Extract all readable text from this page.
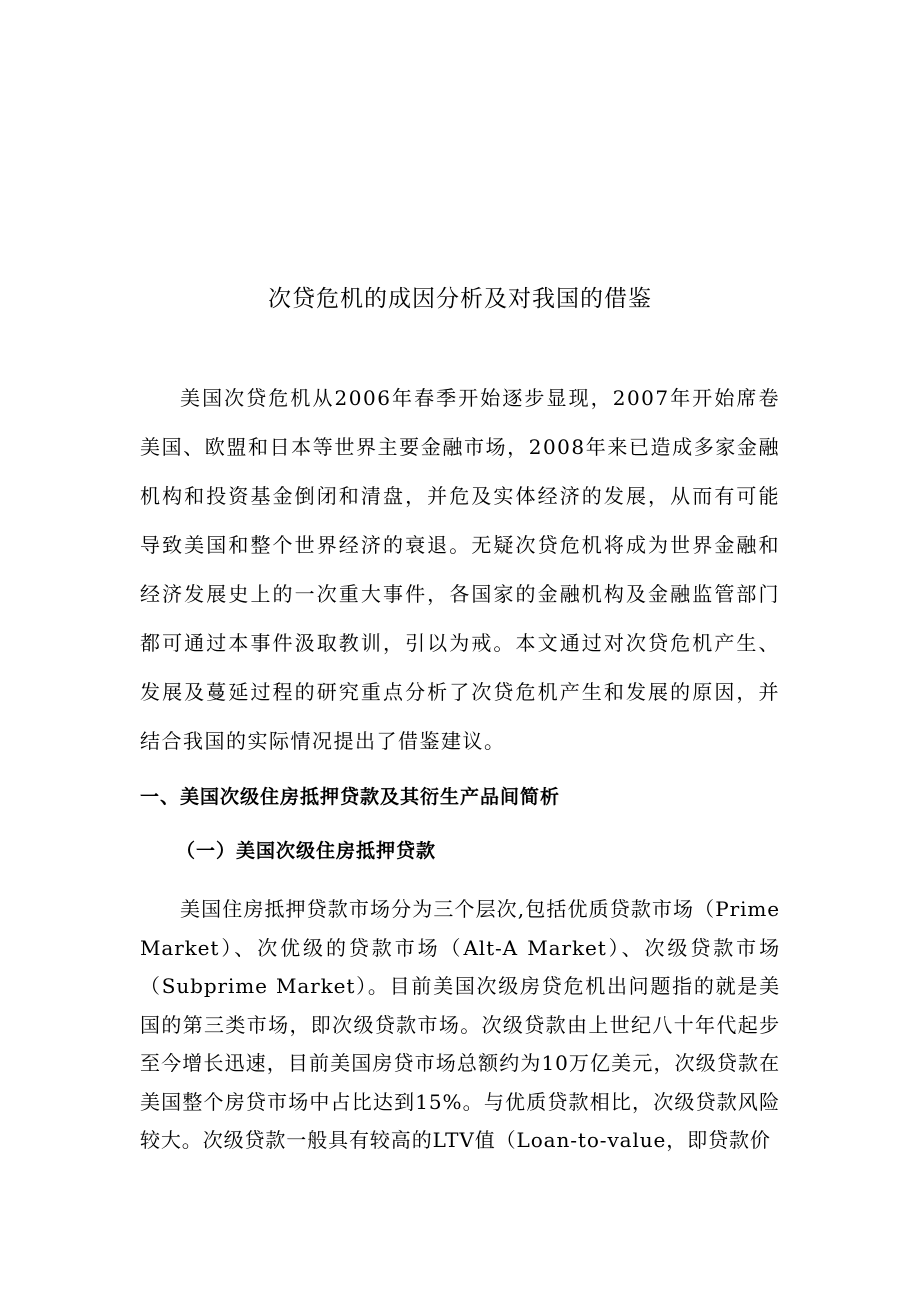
次贷危机的成因分析及对我国的借鉴

美国次贷危机从2006年春季开始逐步显现，2007年开始席卷美国、欧盟和日本等世界主要金融市场，2008年来已造成多家金融机构和投资基金倒闭和清盘，并危及实体经济的发展，从而有可能导致美国和整个世界经济的衰退。无疑次贷危机将成为世界金融和经济发展史上的一次重大事件，各国家的金融机构及金融监管部门都可通过本事件汲取教训，引以为戒。本文通过对次贷危机产生、发展及蔓延过程的研究重点分析了次贷危机产生和发展的原因，并结合我国的实际情况提出了借鉴建议。

一、美国次级住房抵押贷款及其衍生产品间简析
（一）美国次级住房抵押贷款

美国住房抵押贷款市场分为三个层次,包括优质贷款市场（Prime Market）、次优级的贷款市场（Alt-A Market）、次级贷款市场（Subprime Market）。目前美国次级房贷危机出问题指的就是美国的第三类市场，即次级贷款市场。次级贷款由上世纪八十年代起步至今增长迅速，目前美国房贷市场总额约为10万亿美元，次级贷款在美国整个房贷市场中占比达到15%。与优质贷款相比，次级贷款风险较大。次级贷款一般具有较高的LTV值（Loan-to-value，即贷款价
